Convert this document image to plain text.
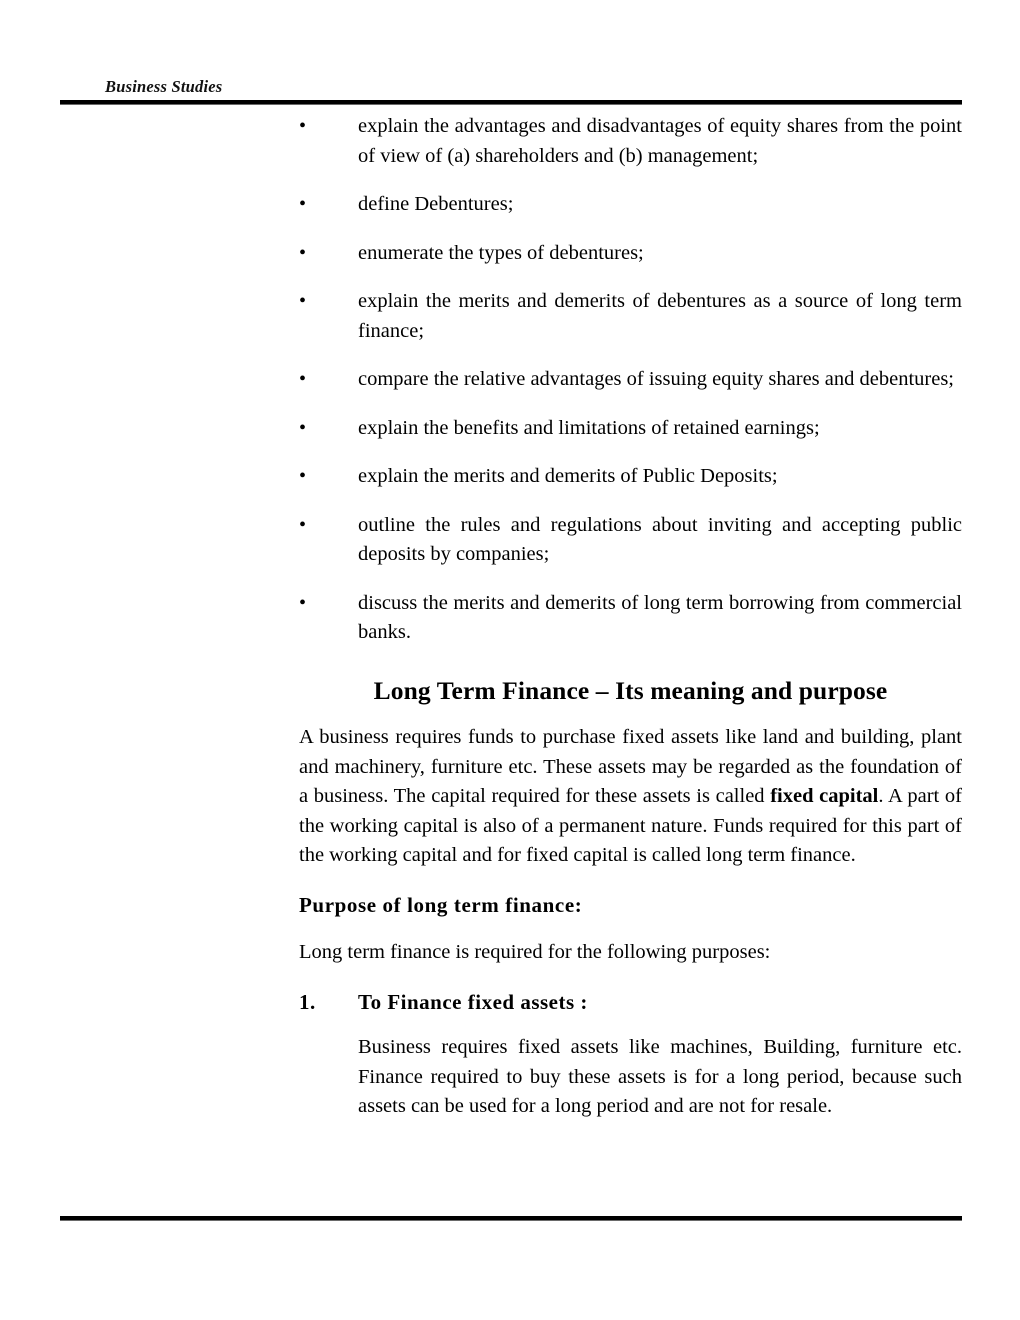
Business Studies
•	explain the advantages and disadvantages of equity shares from the point of view of (a) shareholders and (b) management;
•	define Debentures;
•	enumerate the types of debentures;
•	explain the merits and demerits of debentures as a source of long term finance;
•	compare the relative advantages of issuing equity shares and debentures;
•	explain the benefits and limitations of retained earnings;
•	explain the merits and demerits of Public Deposits;
•	outline the rules and regulations about inviting and accepting public deposits by companies;
•	discuss the merits and demerits of long term borrowing from commercial banks.
Long Term Finance – Its meaning and purpose

A business requires funds to purchase fixed assets like land and building, plant and machinery, furniture etc. These assets may be regarded as the foundation of a business. The capital required for these assets is called fixed capital. A part of the working capital is also of a permanent nature. Funds required for this part of the working capital and for fixed capital is called long term finance.

Purpose of long term finance:

Long term finance is required for the following purposes:

1. To Finance fixed assets :

Business requires fixed assets like machines, Building, furniture etc. Finance required to buy these assets is for a long period, because such assets can be used for a long period and are not for resale.
